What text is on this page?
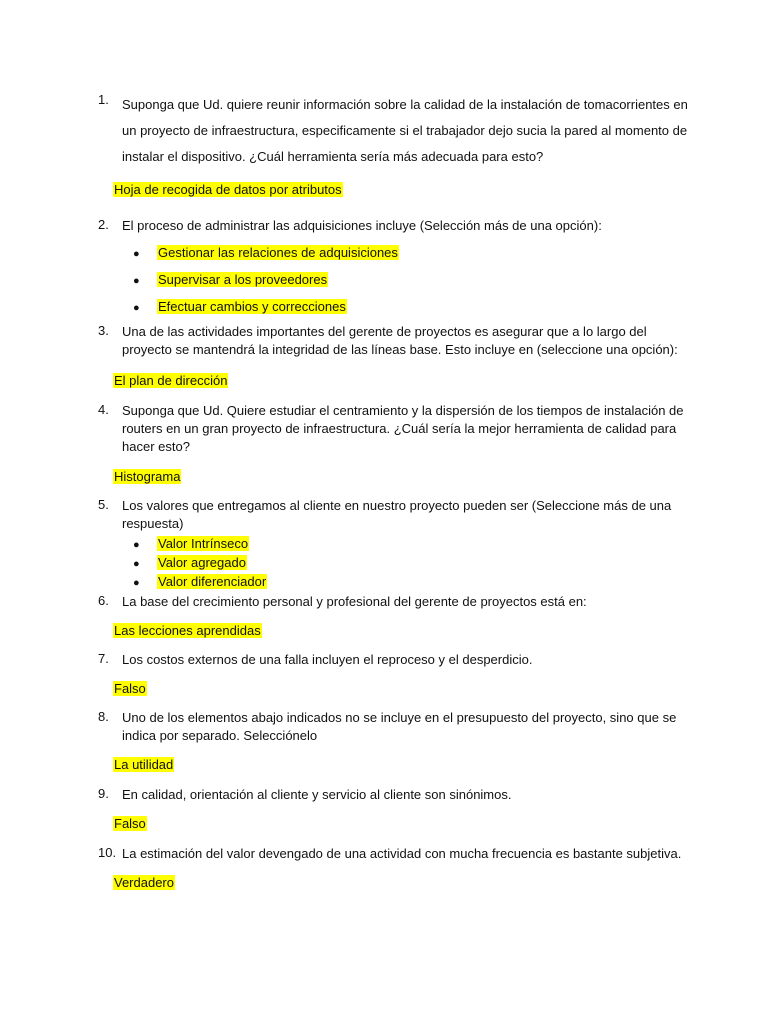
1.	Suponga que Ud. quiere reunir información sobre la calidad de la instalación de tomacorrientes en un proyecto de infraestructura, especificamente si el trabajador dejo sucia la pared al momento de instalar el dispositivo. ¿Cuál herramienta sería más adecuada para esto?
Hoja de recogida de datos por atributos
2.	El proceso de administrar las adquisiciones incluye (Selección más de una opción):
● Gestionar las relaciones de adquisiciones
● Supervisar a los proveedores
● Efectuar cambios y correcciones
3.	Una de las actividades importantes del gerente de proyectos es asegurar que a lo largo del proyecto se mantendrá la integridad de las líneas base. Esto incluye en (seleccione una opción):
El plan de dirección
4.	Suponga que Ud. Quiere estudiar el centramiento y la dispersión de los tiempos de instalación de routers en un gran proyecto de infraestructura. ¿Cuál sería la mejor herramienta de calidad para hacer esto?
Histograma
5.	Los valores que entregamos al cliente en nuestro proyecto pueden ser (Seleccione más de una respuesta)
● Valor Intrínseco
● Valor agregado
● Valor diferenciador
6.	La base del crecimiento personal y profesional del gerente de proyectos está en:
Las lecciones aprendidas
7.	Los costos externos de una falla incluyen el reproceso y el desperdicio.
Falso
8.	Uno de los elementos abajo indicados no se incluye en el presupuesto del proyecto, sino que se indica por separado. Selecciónelo
La utilidad
9.	En calidad, orientación al cliente y servicio al cliente son sinónimos.
Falso
10. La estimación del valor devengado de una actividad con mucha frecuencia es bastante subjetiva.
Verdadero
